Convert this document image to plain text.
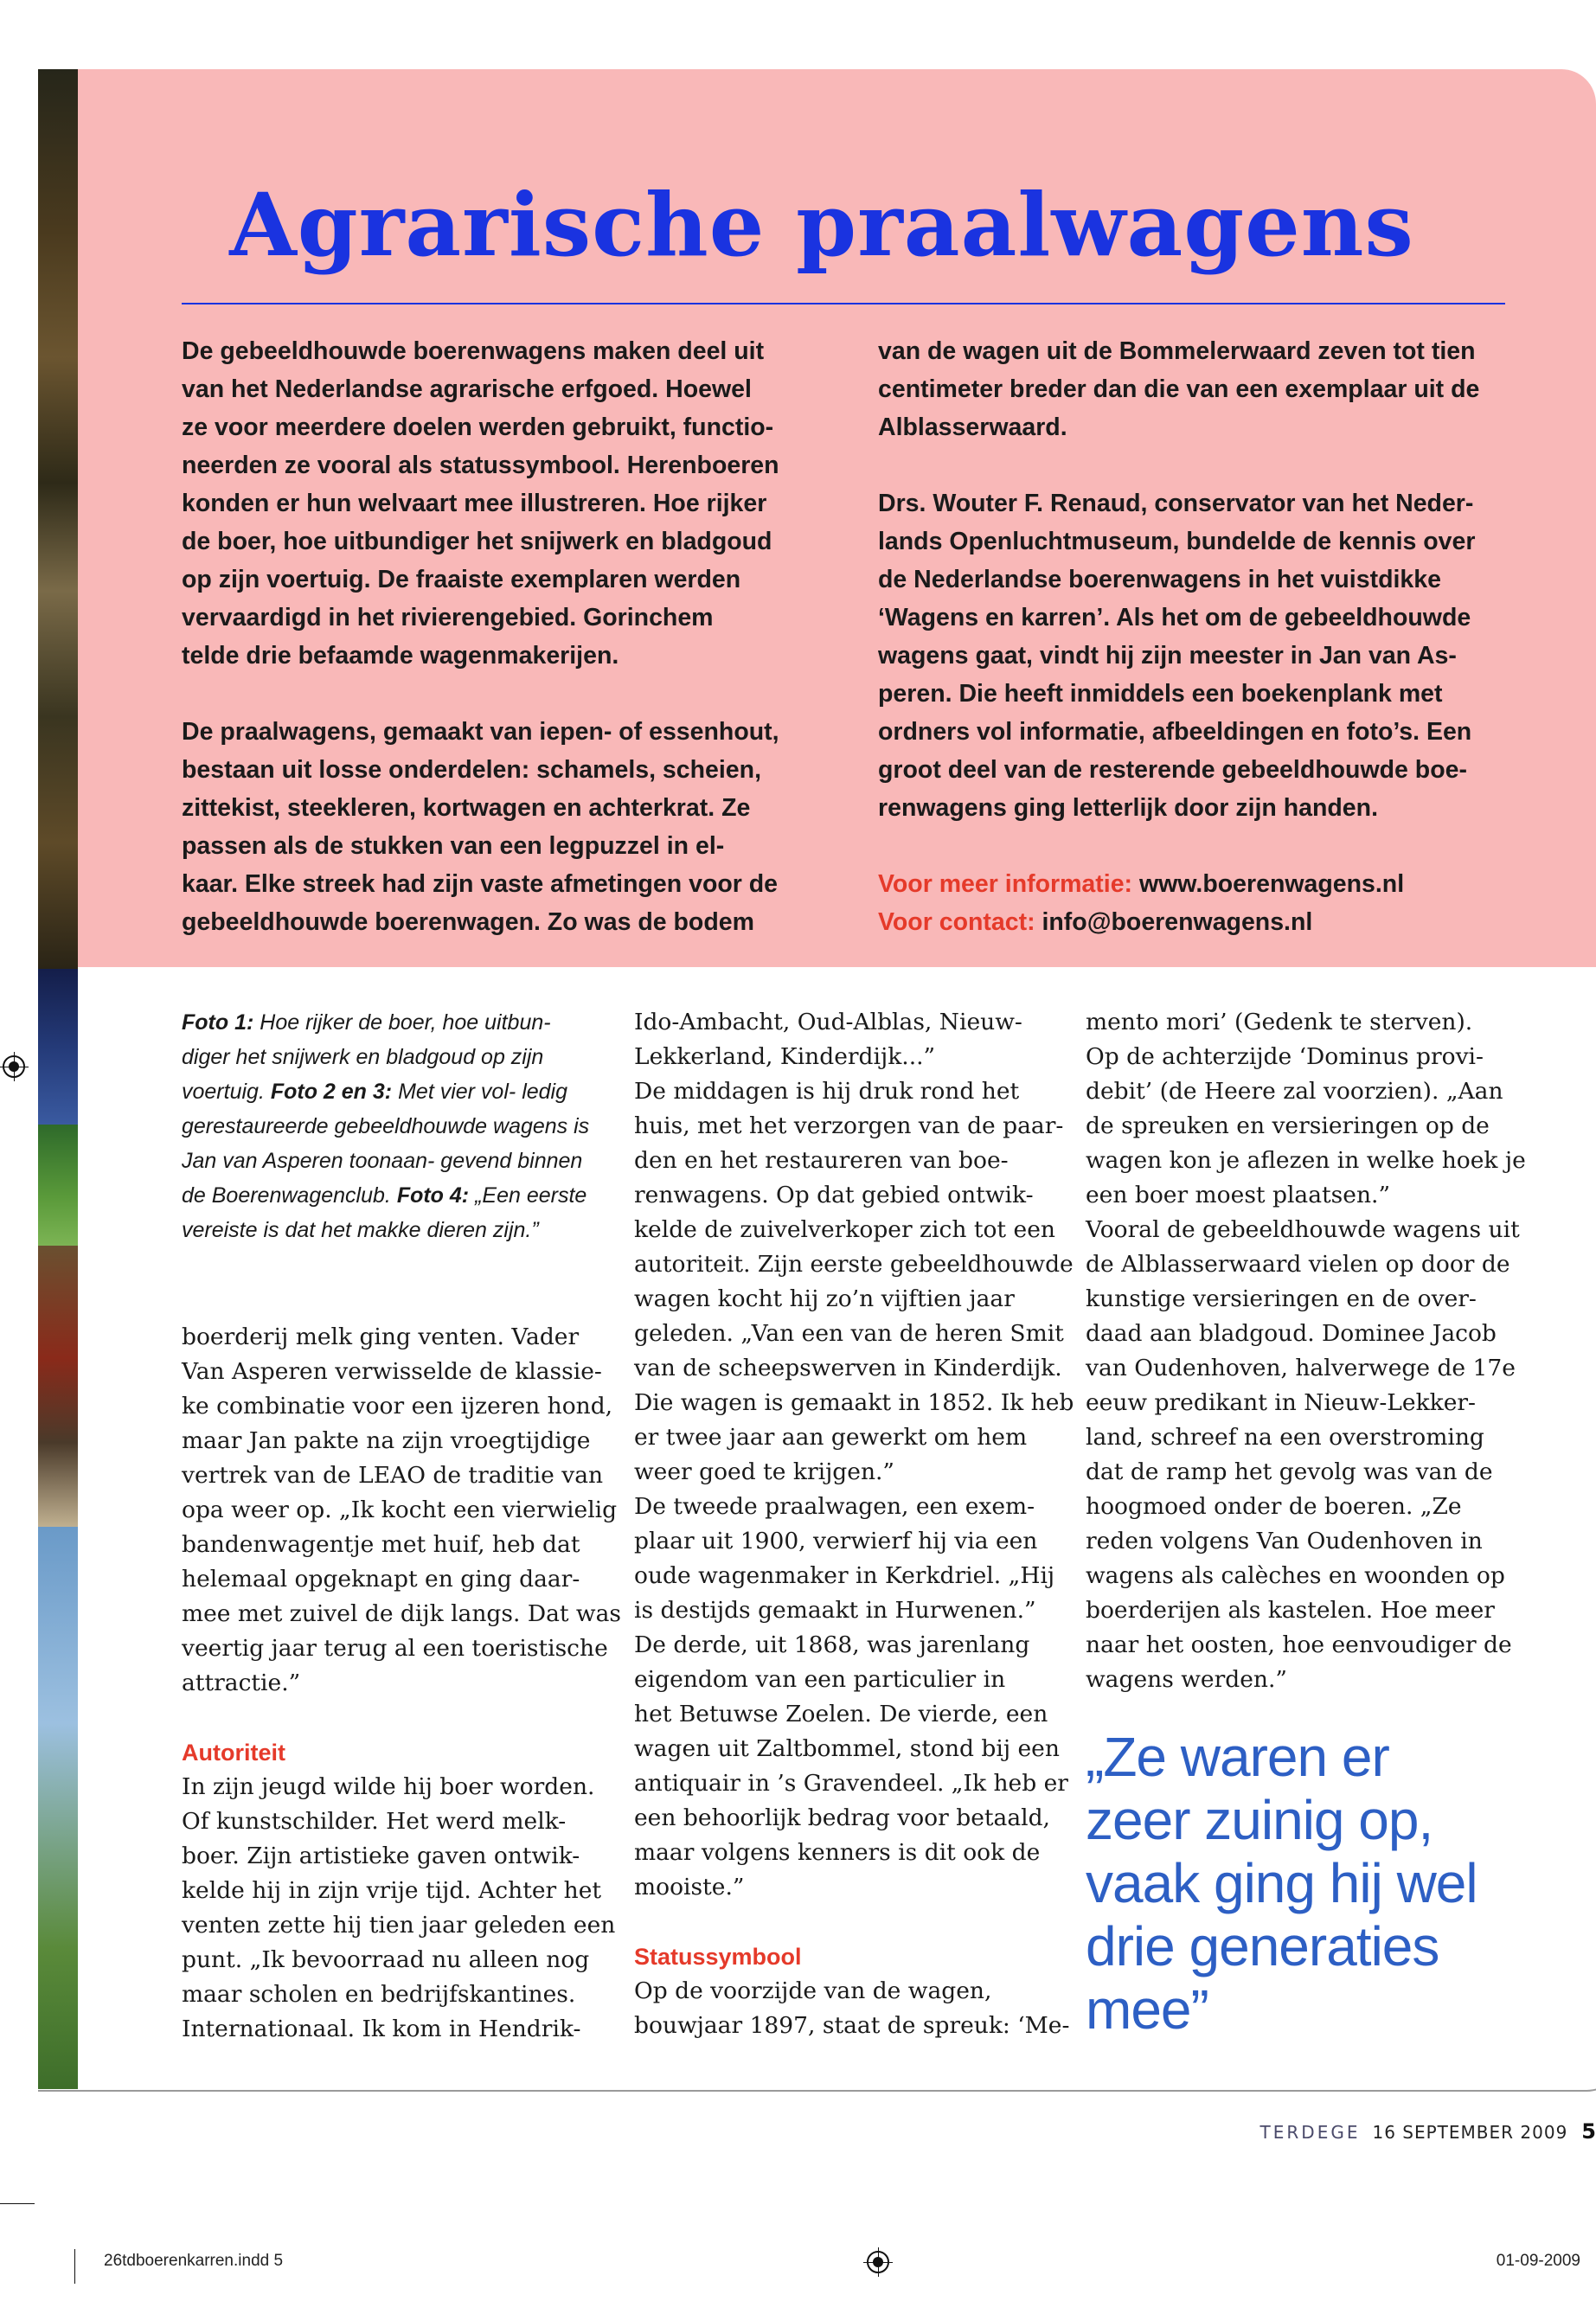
Agrarische praalwagens

De gebeeldhouwde boerenwagens maken deel uit
van het Nederlandse agrarische erfgoed. Hoewel
ze voor meerdere doelen werden gebruikt, functio-
neerden ze vooral als statussymbool. Herenboeren
konden er hun welvaart mee illustreren. Hoe rijker
de boer, hoe uitbundiger het snijwerk en bladgoud
op zijn voertuig. De fraaiste exemplaren werden
vervaardigd in het rivierengebied. Gorinchem
telde drie befaamde wagenmakerijen.

De praalwagens, gemaakt van iepen- of essenhout,
bestaan uit losse onderdelen: schamels, scheien,
zittekist, steekleren, kortwagen en achterkrat. Ze
passen als de stukken van een legpuzzel in el-
kaar. Elke streek had zijn vaste afmetingen voor de
gebeeldhouwde boerenwagen. Zo was de bodem

van de wagen uit de Bommelerwaard zeven tot tien
centimeter breder dan die van een exemplaar uit de
Alblasserwaard.

Drs. Wouter F. Renaud, conservator van het Neder-
lands Openluchtmuseum, bundelde de kennis over
de Nederlandse boerenwagens in het vuistdikke
‘Wagens en karren’. Als het om de gebeeldhouwde
wagens gaat, vindt hij zijn meester in Jan van As-
peren. Die heeft inmiddels een boekenplank met
ordners vol informatie, afbeeldingen en foto’s. Een
groot deel van de resterende gebeeldhouwde boe-
renwagens ging letterlijk door zijn handen.

Voor meer informatie: www.boerenwagens.nl
Voor contact: info@boerenwagens.nl
Foto 1: Hoe rijker de boer, hoe uitbun- diger het snijwerk en bladgoud op zijn voertuig. Foto 2 en 3: Met vier vol- ledig gerestaureerde gebeeldhouwde wagens is Jan van Asperen toonaan- gevend binnen de Boerenwagenclub. Foto 4: „Een eerste vereiste is dat het makke dieren zijn.”
boerderij melk ging venten. Vader
Van Asperen verwisselde de klassie-
ke combinatie voor een ijzeren hond,
maar Jan pakte na zijn vroegtijdige
vertrek van de LEAO de traditie van
opa weer op. „Ik kocht een vierwielig
bandenwagentje met huif, heb dat
helemaal opgeknapt en ging daar-
mee met zuivel de dijk langs. Dat was
veertig jaar terug al een toeristische
attractie.”
Autoriteit
In zijn jeugd wilde hij boer worden.
Of kunstschilder. Het werd melk-
boer. Zijn artistieke gaven ontwik-
kelde hij in zijn vrije tijd. Achter het
venten zette hij tien jaar geleden een
punt. „Ik bevoorraad nu alleen nog
maar scholen en bedrijfskantines.
Internationaal. Ik kom in Hendrik-
Ido-Ambacht, Oud-Alblas, Nieuw-
Lekkerland, Kinderdijk...”
De middagen is hij druk rond het
huis, met het verzorgen van de paar-
den en het restaureren van boe-
renwagens. Op dat gebied ontwik-
kelde de zuivelverkoper zich tot een
autoriteit. Zijn eerste gebeeldhouwde
wagen kocht hij zo’n vijftien jaar
geleden. „Van een van de heren Smit
van de scheepswerven in Kinderdijk.
Die wagen is gemaakt in 1852. Ik heb
er twee jaar aan gewerkt om hem
weer goed te krijgen.”
De tweede praalwagen, een exem-
plaar uit 1900, verwierf hij via een
oude wagenmaker in Kerkdriel. „Hij
is destijds gemaakt in Hurwenen.”
De derde, uit 1868, was jarenlang
eigendom van een particulier in
het Betuwse Zoelen. De vierde, een
wagen uit Zaltbommel, stond bij een
antiquair in ’s Gravendeel. „Ik heb er
een behoorlijk bedrag voor betaald,
maar volgens kenners is dit ook de
mooiste.”
Statussymbool
Op de voorzijde van de wagen,
bouwjaar 1897, staat de spreuk: ‘Me-
mento mori’ (Gedenk te sterven).
Op de achterzijde ‘Dominus provi-
debit’ (de Heere zal voorzien). „Aan
de spreuken en versieringen op de
wagen kon je aflezen in welke hoek je
een boer moest plaatsen.”
Vooral de gebeeldhouwde wagens uit
de Alblasserwaard vielen op door de
kunstige versieringen en de over-
daad aan bladgoud. Dominee Jacob
van Oudenhoven, halverwege de 17e
eeuw predikant in Nieuw-Lekker-
land, schreef na een overstroming
dat de ramp het gevolg was van de
hoogmoed onder de boeren. „Ze
reden volgens Van Oudenhoven in
wagens als calèches en woonden op
boerderijen als kastelen. Hoe meer
naar het oosten, hoe eenvoudiger de
wagens werden.”
„Ze waren er
zeer zuinig op,
vaak ging hij wel
drie generaties
mee”
TERDEGE 16 SEPTEMBER 2009 5
26tdboerenkarren.indd 5	01-09-2009
